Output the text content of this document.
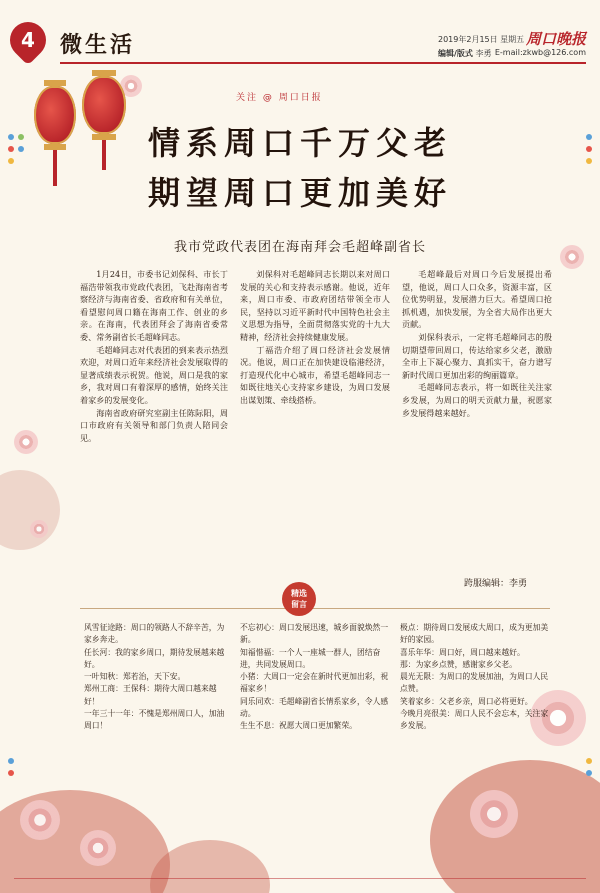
4	微生活	2019年2月15日 星期五
编辑/版式 李勇
周口晚报
E-mail:zkwb@126.com
关注 @ 周口日报
情系周口千万父老
期望周口更加美好
我市党政代表团在海南拜会毛超峰副省长

1月24日，市委书记刘保科、市长丁福浩带领我市党政代表团，飞赴海南省考察经济与海南省委、省政府和有关单位，看望慰问周口籍在海南工作、创业的乡亲。在海南，代表团拜会了海南省委常委、常务副省长毛超峰同志。

毛超峰同志对代表团的到来表示热烈欢迎，对周口近年来经济社会发展取得的显著成绩表示祝贺。他说，周口是我的家乡，我对周口有着深厚的感情，始终关注着家乡的发展变化。

海南省政府研究室副主任陈际阳，周口市政府有关领导和部门负责人陪同会见。

刘保科对毛超峰同志长期以来对周口发展的关心和支持表示感谢。他说，近年来，周口市委、市政府团结带领全市人民，坚持以习近平新时代中国特色社会主义思想为指导，全面贯彻落实党的十九大精神，经济社会持续健康发展。

丁福浩介绍了周口经济社会发展情况。他说，周口正在加快建设临港经济，打造现代化中心城市，希望毛超峰同志一如既往地关心支持家乡建设，为周口发展出谋划策、牵线搭桥。

毛超峰最后对周口今后发展提出希望，他说，周口人口众多，资源丰富，区位优势明显，发展潜力巨大。希望周口抢抓机遇，加快发展，为全省大局作出更大贡献。

刘保科表示，一定将毛超峰同志的殷切期望带回周口，传达给家乡父老，激励全市上下凝心聚力、真抓实干，奋力谱写新时代周口更加出彩的绚丽篇章。

毛超峰同志表示，将一如既往关注家乡发展，为周口的明天贡献力量，祝愿家乡发展得越来越好。

跨服编辑：李勇
精选
留言

风雪征途路：周口的领路人不辞辛苦，为家乡奔走。

任长河：我的家乡周口，期待发展越来越好。

一叶知秋：郑若治，天下安。

郑州工商：王保科：期待大周口越来越好！

一年三十一年：不愧是郑州周口人，加油周口！

不忘初心：周口发展迅速，城乡面貌焕然一新。

知福惜福：一个人一座城一群人，团结奋进，共同发展周口。

小猪：大周口一定会在新时代更加出彩，祝福家乡！

同乐同欢：毛超峰副省长情系家乡，令人感动。

生生不息：祝愿大周口更加繁荣。

极点：期待周口发展成大周口，成为更加美好的家园。

喜乐年华：周口好，周口越来越好。

那：为家乡点赞，感谢家乡父老。

晨光无限：为周口的发展加油，为周口人民点赞。

笑着家乡：父老乡亲，周口必将更好。

今晚月亮很美：周口人民不会忘本，关注家乡发展。
